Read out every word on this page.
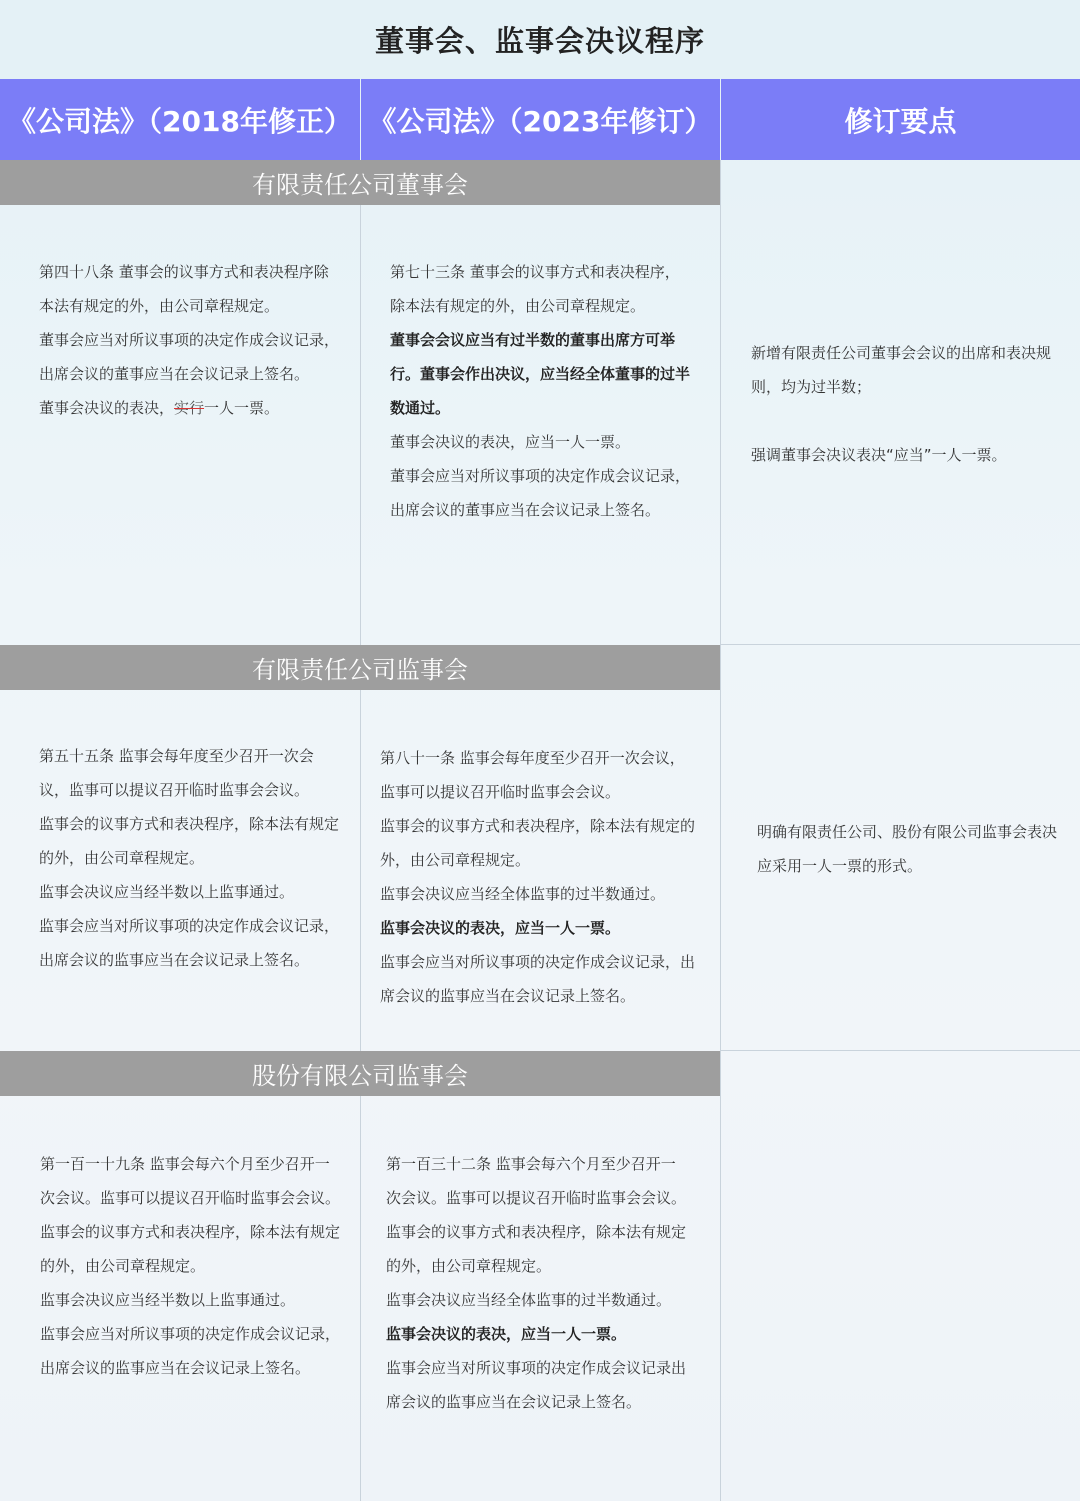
董事会、监事会决议程序
《公司法》（2018年修正） 《公司法》（2023年修订）	修订要点
有限责任公司董事会

第四十八条 董事会的议事方式和表决程序除本法有规定的外，由公司章程规定。

董事会应当对所议事项的决定作成会议记录，出席会议的董事应当在会议记录上签名。

董事会决议的表决，实行一人一票。

第七十三条 董事会的议事方式和表决程序，除本法有规定的外，由公司章程规定。

董事会会议应当有过半数的董事出席方可举行。董事会作出决议，应当经全体董事的过半数通过。

董事会决议的表决，应当一人一票。

董事会应当对所议事项的决定作成会议记录，出席会议的董事应当在会议记录上签名。

新增有限责任公司董事会会议的出席和表决规则，均为过半数；

强调董事会决议表决“应当”一人一票。

有限责任公司监事会

第五十五条 监事会每年度至少召开一次会议，监事可以提议召开临时监事会会议。

监事会的议事方式和表决程序，除本法有规定的外，由公司章程规定。

监事会决议应当经半数以上监事通过。

监事会应当对所议事项的决定作成会议记录，出席会议的监事应当在会议记录上签名。

第八十一条 监事会每年度至少召开一次会议，监事可以提议召开临时监事会会议。

监事会的议事方式和表决程序，除本法有规定的外，由公司章程规定。

监事会决议应当经全体监事的过半数通过。

监事会决议的表决，应当一人一票。

监事会应当对所议事项的决定作成会议记录，出席会议的监事应当在会议记录上签名。

明确有限责任公司、股份有限公司监事会表决应采用一人一票的形式。

股份有限公司监事会

第一百一十九条 监事会每六个月至少召开一次会议。监事可以提议召开临时监事会会议。

监事会的议事方式和表决程序，除本法有规定的外，由公司章程规定。

监事会决议应当经半数以上监事通过。

监事会应当对所议事项的决定作成会议记录，出席会议的监事应当在会议记录上签名。

第一百三十二条 监事会每六个月至少召开一次会议。监事可以提议召开临时监事会会议。

监事会的议事方式和表决程序，除本法有规定的外，由公司章程规定。

监事会决议应当经全体监事的过半数通过。

监事会决议的表决，应当一人一票。

监事会应当对所议事项的决定作成会议记录出席会议的监事应当在会议记录上签名。
